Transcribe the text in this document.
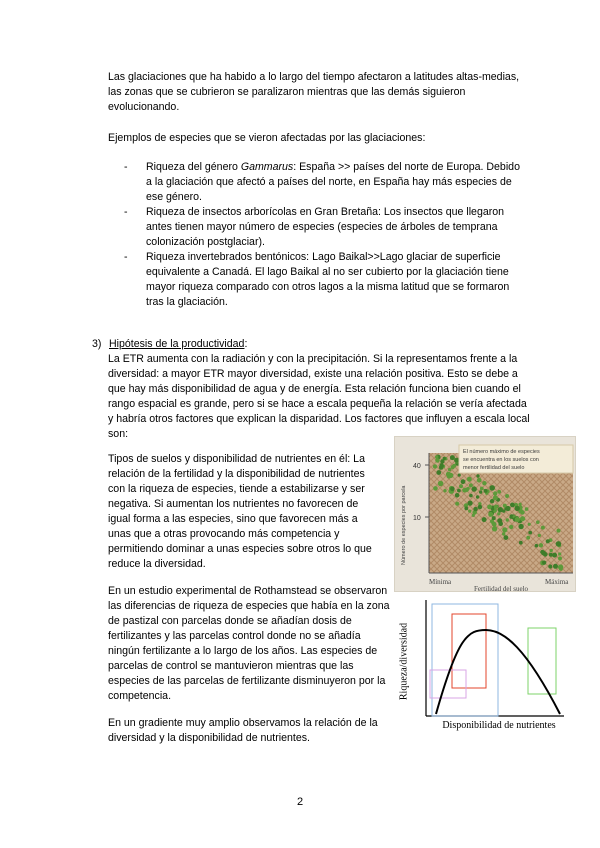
Las glaciaciones que ha habido a lo largo del tiempo afectaron a latitudes altas-medias, las zonas que se cubrieron se paralizaron mientras que las demás siguieron evolucionando.

Ejemplos de especies que se vieron afectadas por las glaciaciones:

- Riqueza del género Gammarus: España >> países del norte de Europa. Debido a la glaciación que afectó a países del norte, en España hay más especies de ese género.
- Riqueza de insectos arborícolas en Gran Bretaña: Los insectos que llegaron antes tienen mayor número de especies (especies de árboles de temprana colonización postglaciar).
- Riqueza invertebrados bentónicos: Lago Baikal>>Lago glaciar de superficie equivalente a Canadá. El lago Baikal al no ser cubierto por la glaciación tiene mayor riqueza comparado con otros lagos a la misma latitud que se formaron tras la glaciación.

3) Hipótesis de la productividad:

La ETR aumenta con la radiación y con la precipitación. Si la representamos frente a la diversidad: a mayor ETR mayor diversidad, existe una relación positiva. Esto se debe a que hay más disponibilidad de agua y de energía. Esta relación funciona bien cuando el rango espacial es grande, pero si se hace a escala pequeña la relación se vería afectada y habría otros factores que explican la disparidad. Los factores que influyen a escala local son:

Tipos de suelos y disponibilidad de nutrientes en él: La relación de la fertilidad y la disponibilidad de nutrientes con la riqueza de especies, tiende a estabilizarse y ser negativa. Si aumentan los nutrientes no favorecen de igual forma a las especies, sino que favorecen más a unas que a otras provocando más competencia y permitiendo dominar a unas especies sobre otros lo que reduce la diversidad.

En un estudio experimental de Rothamstead se observaron las diferencias de riqueza de especies que había en la zona de pastizal con parcelas donde se añadían dosis de fertilizantes y las parcelas control donde no se añadía ningún fertilizante a lo largo de los años. Las especies de parcelas de control se mantuvieron mientras que las especies de las parcelas de fertilizante disminuyeron por la competencia.

En un gradiente muy amplio observamos la relación de la diversidad y la disponibilidad de nutrientes.

40
10
Número de especies por parcela
Mínima	Máxima
Fertilidad del suelo
El número máximo de especies
se encuentra en los suelos con
menor fertilidad del suelo
Riqueza/diversidad
Disponibilidad de nutrientes
2
